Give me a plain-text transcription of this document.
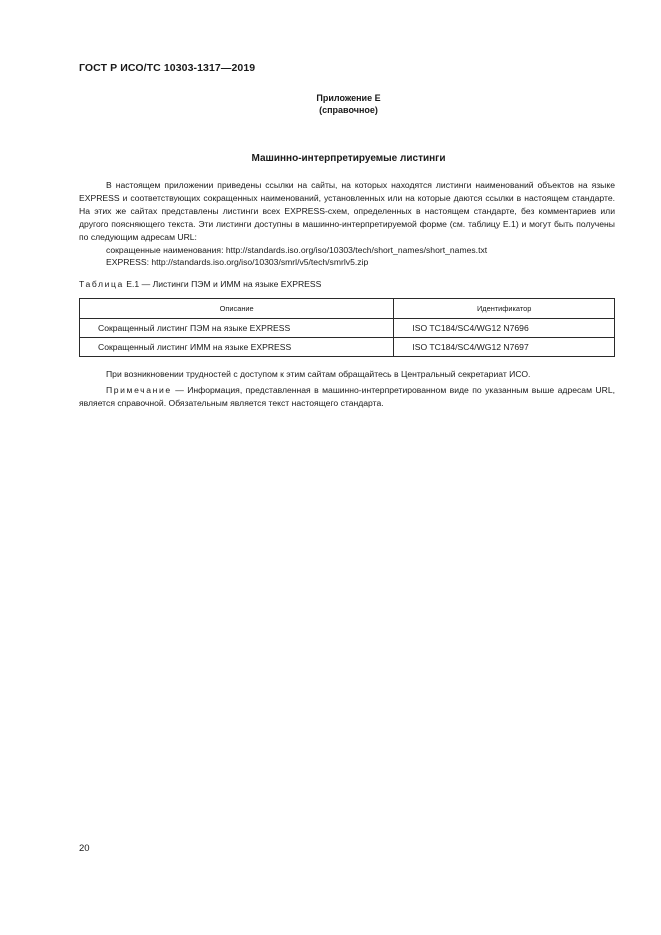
ГОСТ Р ИСО/ТС 10303-1317—2019
Приложение Е
(справочное)
Машинно-интерпретируемые листинги

В настоящем приложении приведены ссылки на сайты, на которых находятся листинги наименований объектов на языке EXPRESS и соответствующих сокращенных наименований, установленных или на которые даются ссылки в настоящем стандарте. На этих же сайтах представлены листинги всех EXPRESS-схем, определенных в настоящем стандарте, без комментариев или другого поясняющего текста. Эти листинги доступны в машинно-интерпретируемой форме (см. таблицу Е.1) и могут быть получены по следующим адресам URL:

сокращенные наименования: http://standards.iso.org/iso/10303/tech/short_names/short_names.txt

EXPRESS: http://standards.iso.org/iso/10303/smrl/v5/tech/smrlv5.zip

Таблица Е.1 — Листинги ПЭМ и ИММ на языке EXPRESS
Описание	Идентификатор
Сокращенный листинг ПЭМ на языке EXPRESS	ISO TC184/SC4/WG12 N7696
Сокращенный листинг ИММ на языке EXPRESS	ISO TC184/SC4/WG12 N7697

При возникновении трудностей с доступом к этим сайтам обращайтесь в Центральный секретариат ИСО.

Примечание — Информация, представленная в машинно-интерпретированном виде по указанным выше адресам URL, является справочной. Обязательным является текст настоящего стандарта.

20
